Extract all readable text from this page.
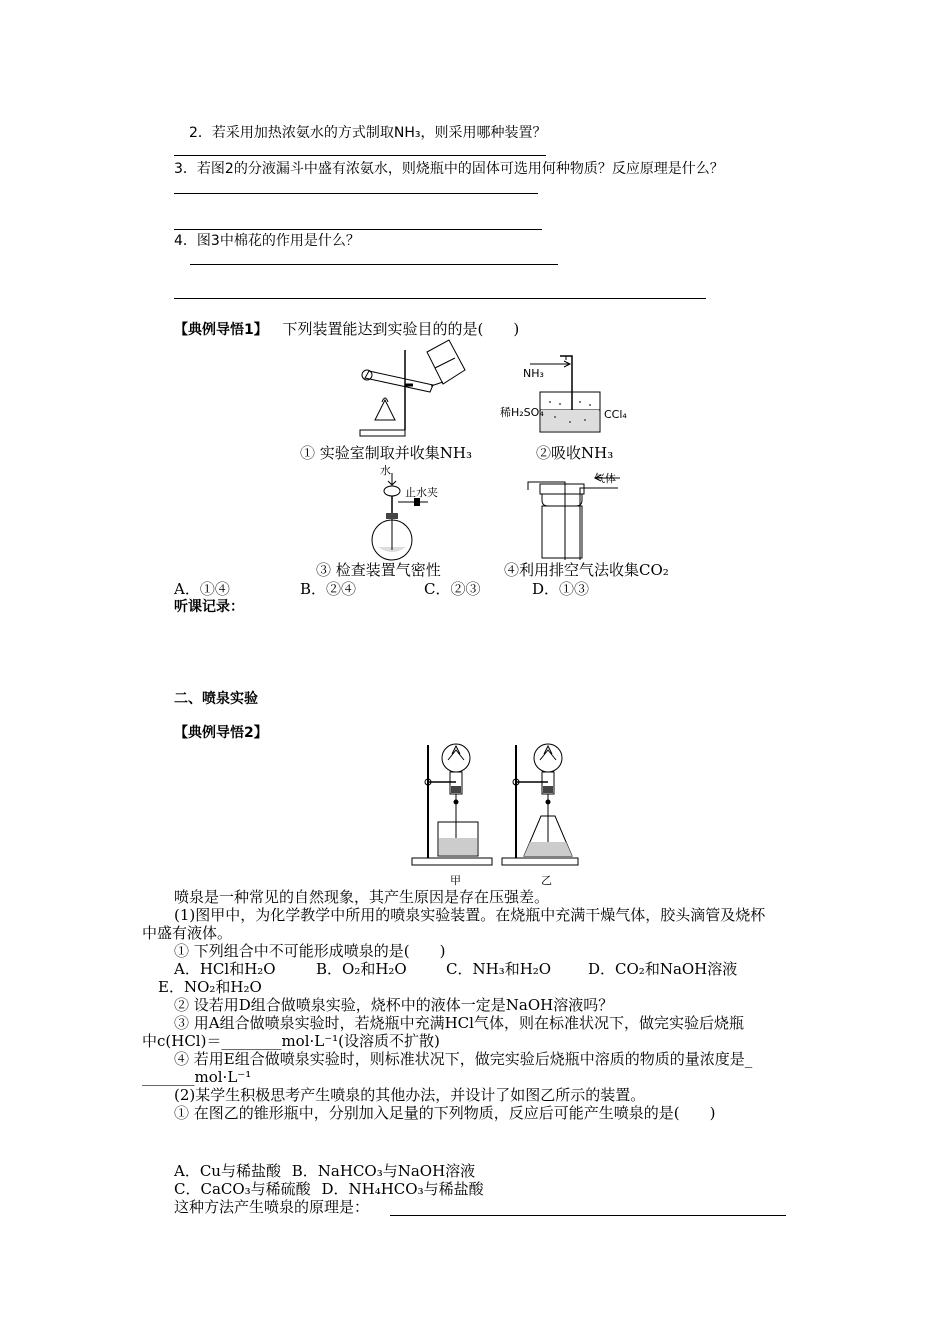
2．若采用加热浓氨水的方式制取NH₃，则采用哪种装置？
3．若图2的分液漏斗中盛有浓氨水，则烧瓶中的固体可选用何种物质？反应原理是什么？
4．图3中棉花的作用是什么？
【典例导悟1】 下列装置能达到实验目的的是(　　)
NH₃
稀H₂SO₄	CCl₄
① 实验室制取并收集NH₃	②吸收NH₃
水
止水夹
气体
③ 检查装置气密性	④利用排空气法收集CO₂
A．①④	B．②④	C．②③	D．①③
听课记录：
二、喷泉实验
【典例导悟2】
甲	乙
喷泉是一种常见的自然现象，其产生原因是存在压强差。
(1)图甲中，为化学教学中所用的喷泉实验装置。在烧瓶中充满干燥气体，胶头滴管及烧杯
中盛有液体。
① 下列组合中不可能形成喷泉的是(　　)
A．HCl和H₂O	B．O₂和H₂O	C．NH₃和H₂O D．CO₂和NaOH溶液
E．NO₂和H₂O
② 设若用D组合做喷泉实验，烧杯中的液体一定是NaOH溶液吗？
③ 用A组合做喷泉实验时，若烧瓶中充满HCl气体，则在标准状况下，做完实验后烧瓶
中c(HCl)＝________mol·L⁻¹(设溶质不扩散)
④ 若用E组合做喷泉实验时，则标准状况下，做完实验后烧瓶中溶质的物质的量浓度是_
_______mol·L⁻¹
(2)某学生积极思考产生喷泉的其他办法，并设计了如图乙所示的装置。
① 在图乙的锥形瓶中，分别加入足量的下列物质，反应后可能产生喷泉的是(　　)
A．Cu与稀盐酸 B．NaHCO₃与NaOH溶液
C．CaCO₃与稀硫酸 D．NH₄HCO₃与稀盐酸
这种方法产生喷泉的原理是：
